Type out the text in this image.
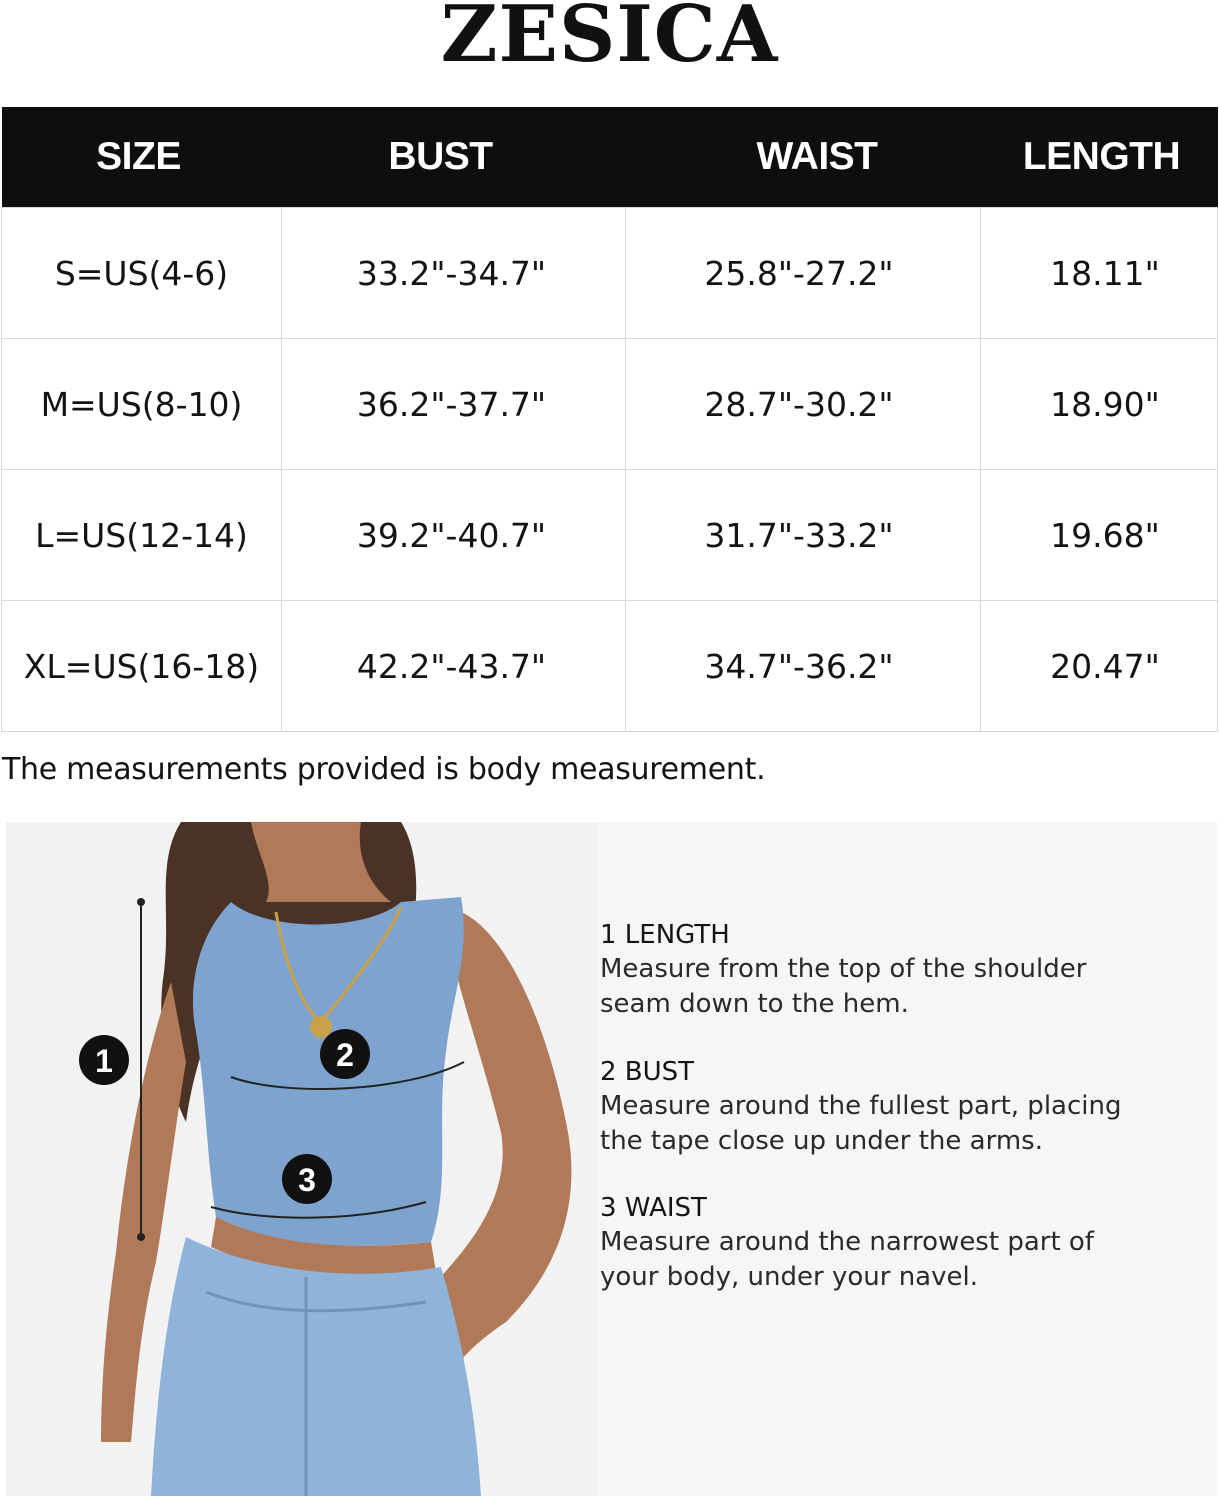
ZESICA
SIZE	BUST	WAIST	LENGTH
S=US(4-6)	33.2"-34.7"	25.8"-27.2"	18.11"
M=US(8-10)	36.2"-37.7"	28.7"-30.2"	18.90"
L=US(12-14)	39.2"-40.7"	31.7"-33.2"	19.68"
XL=US(16-18)	42.2"-43.7"	34.7"-36.2"	20.47"
The measurements provided is body measurement.
1	2
3
1 LENGTH
Measure from the top of the shoulder
seam down to the hem.
2 BUST
Measure around the fullest part, placing
the tape close up under the arms.
3 WAIST
Measure around the narrowest part of
your body, under your navel.
